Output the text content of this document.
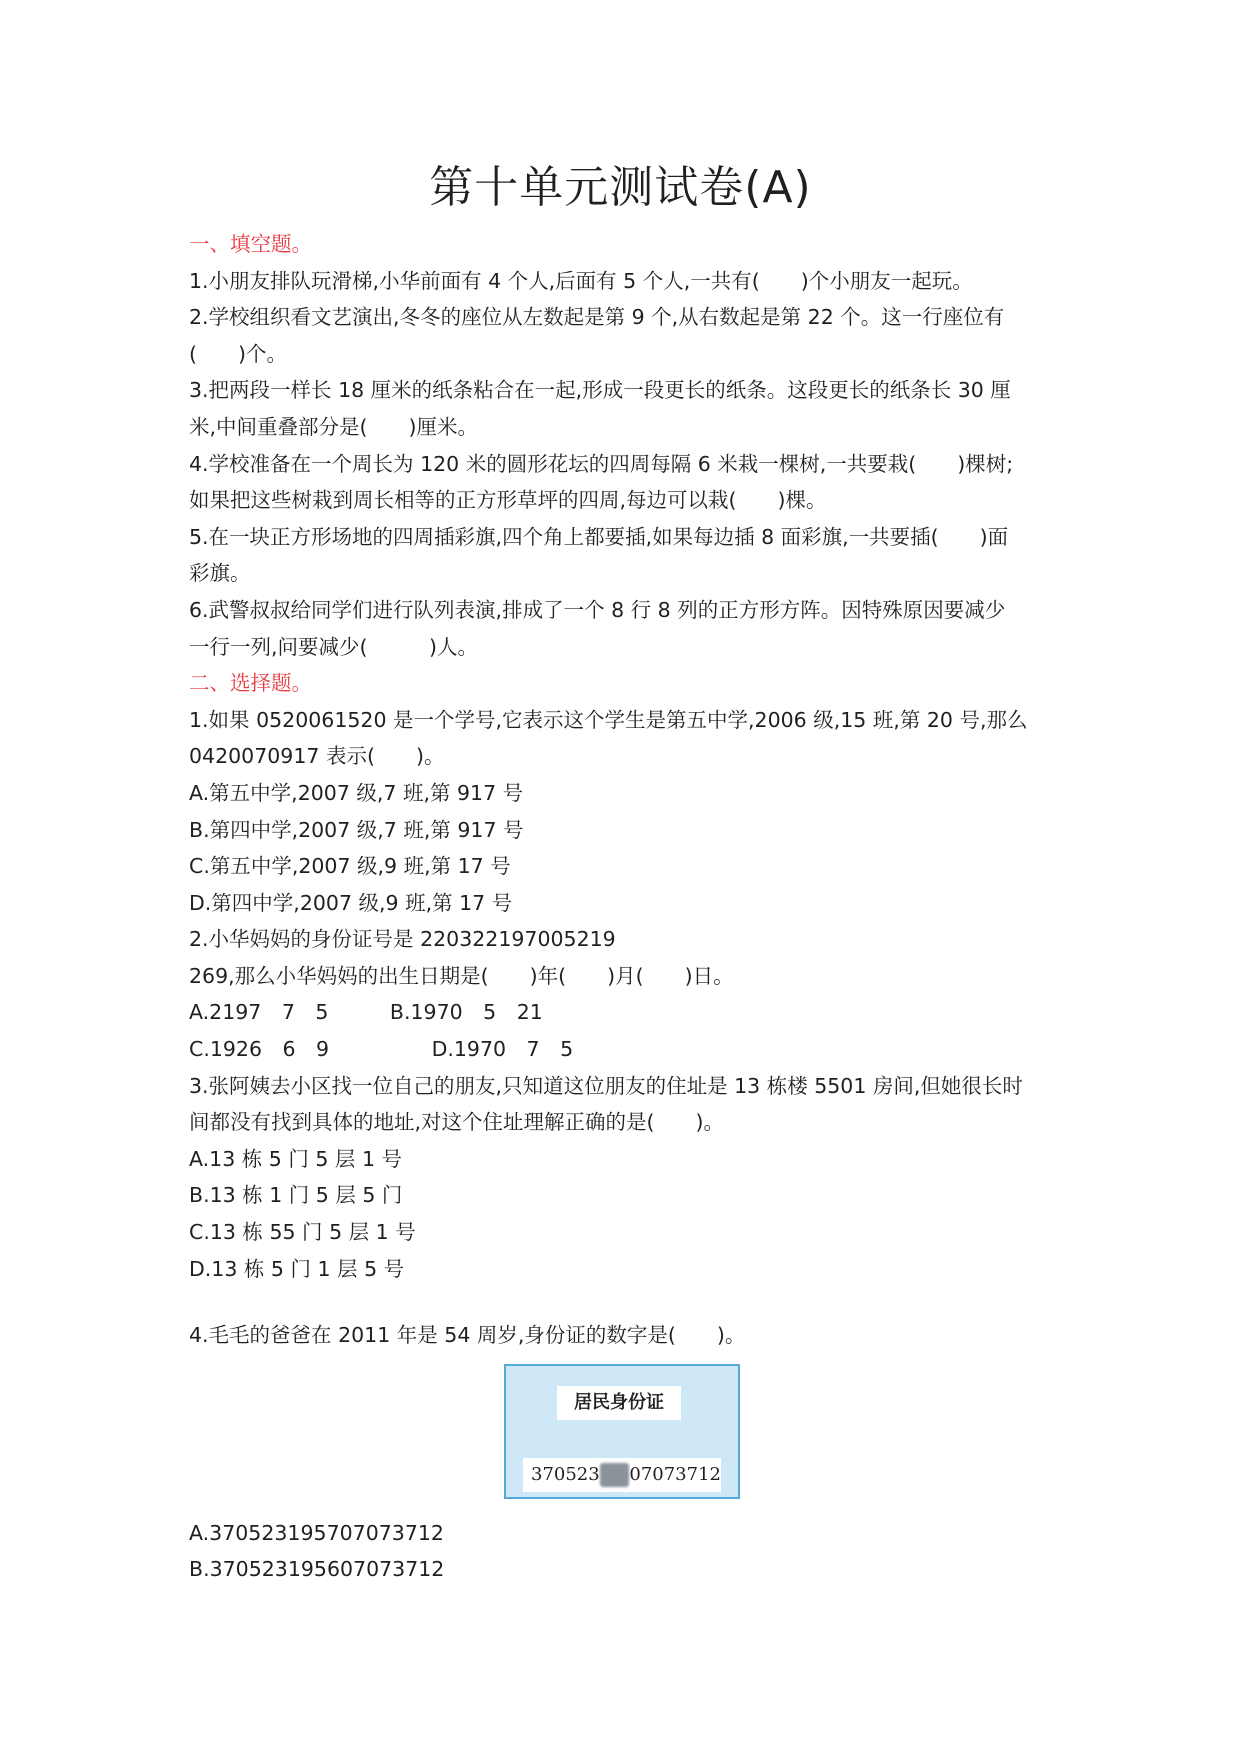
第十单元测试卷(A)
一、填空题。
1.小朋友排队玩滑梯,小华前面有 4 个人,后面有 5 个人,一共有(　　)个小朋友一起玩。
2.学校组织看文艺演出,冬冬的座位从左数起是第 9 个,从右数起是第 22 个。这一行座位有
(　　)个。
3.把两段一样长 18 厘米的纸条粘合在一起,形成一段更长的纸条。这段更长的纸条长 30 厘
米,中间重叠部分是(　　)厘米。
4.学校准备在一个周长为 120 米的圆形花坛的四周每隔 6 米栽一棵树,一共要栽(　　)棵树;
如果把这些树栽到周长相等的正方形草坪的四周,每边可以栽(　　)棵。
5.在一块正方形场地的四周插彩旗,四个角上都要插,如果每边插 8 面彩旗,一共要插(　　)面
彩旗。
6.武警叔叔给同学们进行队列表演,排成了一个 8 行 8 列的正方形方阵。因特殊原因要减少
一行一列,问要减少(　　　)人。
二、选择题。
1.如果 0520061520 是一个学号,它表示这个学生是第五中学,2006 级,15 班,第 20 号,那么
0420070917 表示(　　)。
A.第五中学,2007 级,7 班,第 917 号
B.第四中学,2007 级,7 班,第 917 号
C.第五中学,2007 级,9 班,第 17 号
D.第四中学,2007 级,9 班,第 17 号
2.小华妈妈的身份证号是 220322197005219
269,那么小华妈妈的出生日期是(　　)年(　　)月(　　)日。
A.2197　7　5　　　B.1970　5　21
C.1926　6　9　　　　　D.1970　7　5
3.张阿姨去小区找一位自己的朋友,只知道这位朋友的住址是 13 栋楼 5501 房间,但她很长时
间都没有找到具体的地址,对这个住址理解正确的是(　　)。
A.13 栋 5 门 5 层 1 号
B.13 栋 1 门 5 层 5 门
C.13 栋 55 门 5 层 1 号
D.13 栋 5 门 1 层 5 号
4.毛毛的爸爸在 2011 年是 54 周岁,身份证的数字是(　　)。
居民身份证
370523 07073712
A.370523195707073712
B.370523195607073712
